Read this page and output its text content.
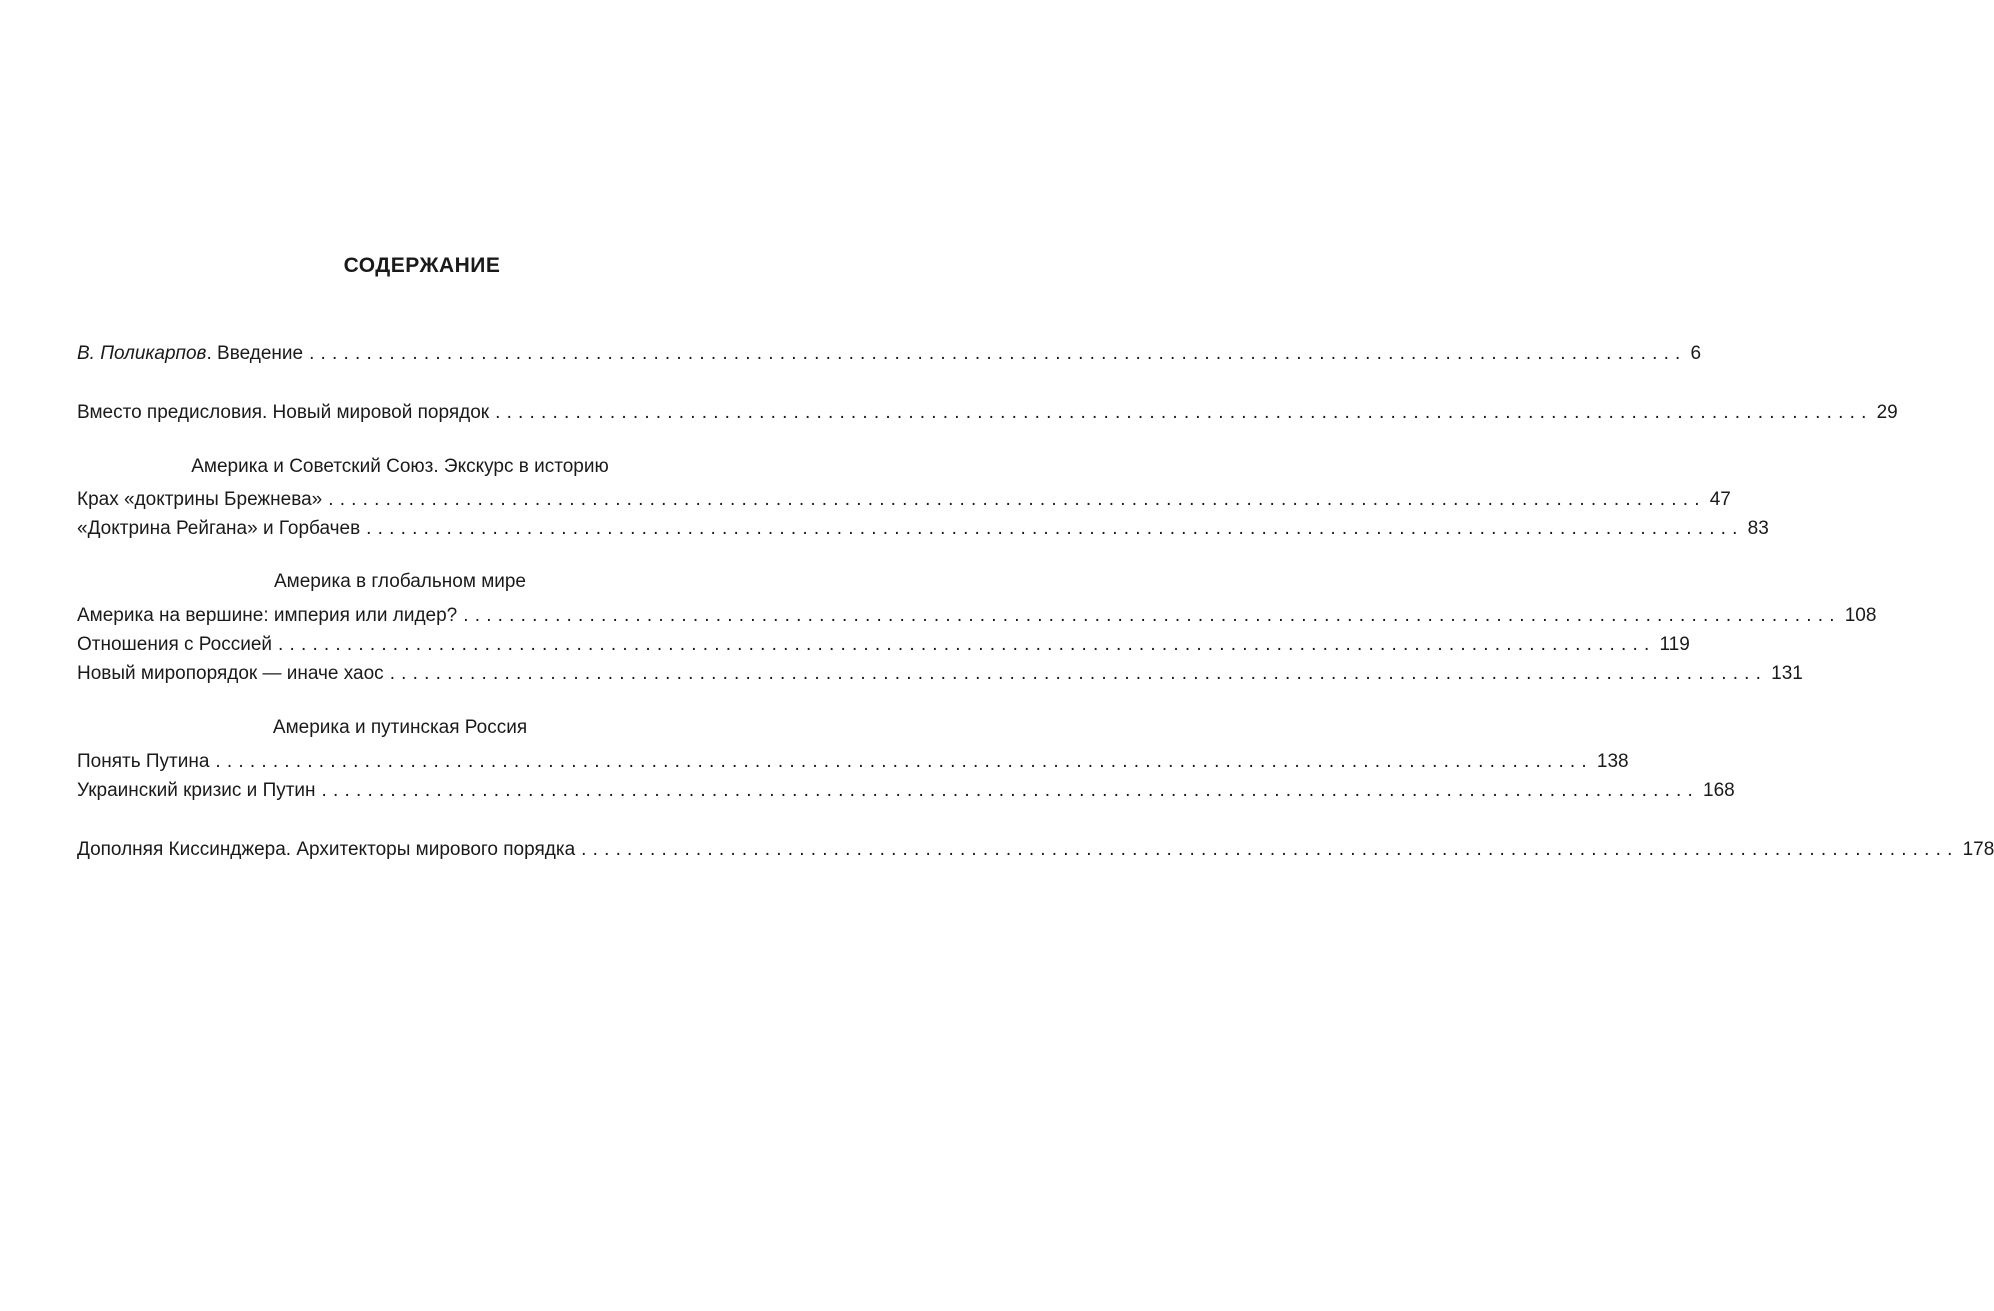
СОДЕРЖАНИЕ
В. Поликарпов. Введение ........................................................................................................................ 6
Вместо предисловия. Новый мировой порядок ........................................................................................................................ 29
Америка и Советский Союз. Экскурс в историю
Крах «доктрины Брежнева» ........................................................................................................................ 47
«Доктрина Рейгана» и Горбачев ........................................................................................................................ 83
Америка в глобальном мире
Америка на вершине: империя или лидер? ........................................................................................................................ 108
Отношения с Россией ........................................................................................................................ 119
Новый миропорядок — иначе хаос ........................................................................................................................ 131
Америка и путинская Россия
Понять Путина ........................................................................................................................ 138
Украинский кризис и Путин ........................................................................................................................ 168
Дополняя Киссинджера. Архитекторы мирового порядка ........................................................................................................................ 178
